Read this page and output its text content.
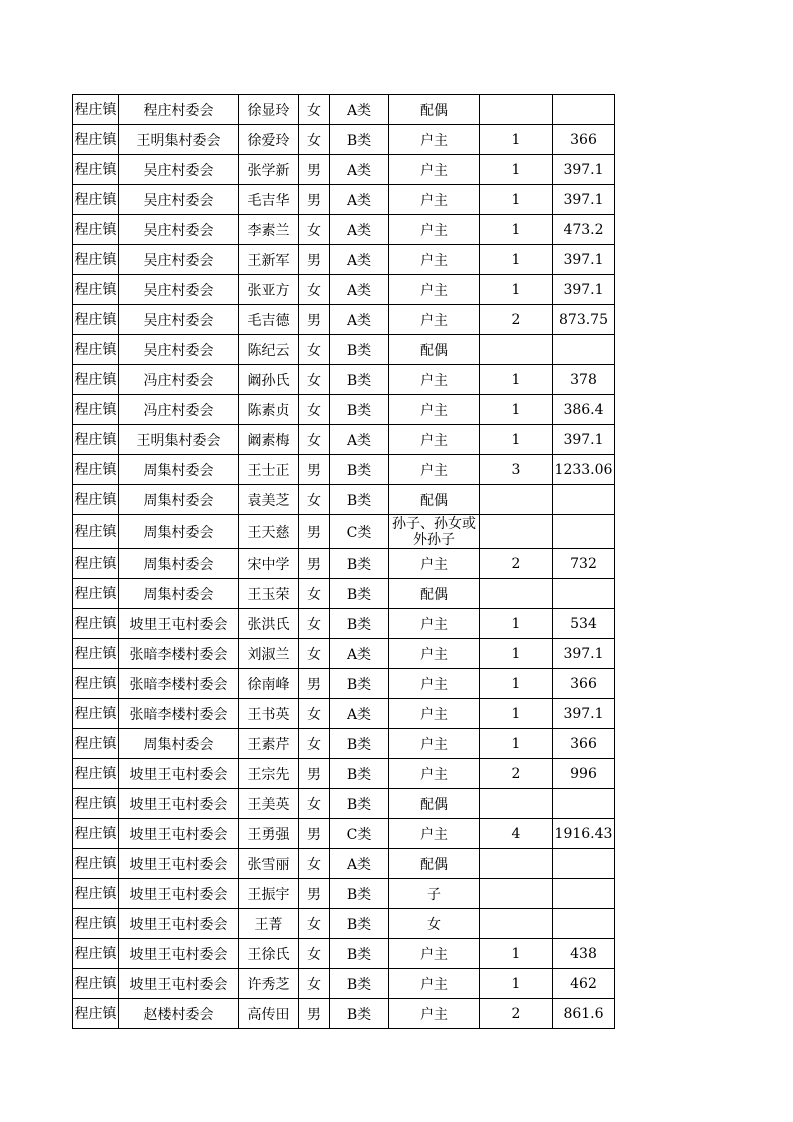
程庄镇	程庄村委会	徐显玲	女	A类	配偶		
程庄镇	王明集村委会	徐爱玲	女	B类	户主	1	366
程庄镇	吴庄村委会	张学新	男	A类	户主	1	397.1
程庄镇	吴庄村委会	毛吉华	男	A类	户主	1	397.1
程庄镇	吴庄村委会	李素兰	女	A类	户主	1	473.2
程庄镇	吴庄村委会	王新军	男	A类	户主	1	397.1
程庄镇	吴庄村委会	张亚方	女	A类	户主	1	397.1
程庄镇	吴庄村委会	毛吉德	男	A类	户主	2	873.75
程庄镇	吴庄村委会	陈纪云	女	B类	配偶		
程庄镇	冯庄村委会	阚孙氏	女	B类	户主	1	378
程庄镇	冯庄村委会	陈素贞	女	B类	户主	1	386.4
程庄镇	王明集村委会	阚素梅	女	A类	户主	1	397.1
程庄镇	周集村委会	王士正	男	B类	户主	3	1233.06
程庄镇	周集村委会	袁美芝	女	B类	配偶		
程庄镇	周集村委会	王天慈	男	C类	孙子、孙女或外孙子		
程庄镇	周集村委会	宋中学	男	B类	户主	2	732
程庄镇	周集村委会	王玉荣	女	B类	配偶		
程庄镇	坡里王屯村委会	张洪氏	女	B类	户主	1	534
程庄镇	张暗李楼村委会	刘淑兰	女	A类	户主	1	397.1
程庄镇	张暗李楼村委会	徐南峰	男	B类	户主	1	366
程庄镇	张暗李楼村委会	王书英	女	A类	户主	1	397.1
程庄镇	周集村委会	王素芹	女	B类	户主	1	366
程庄镇	坡里王屯村委会	王宗先	男	B类	户主	2	996
程庄镇	坡里王屯村委会	王美英	女	B类	配偶		
程庄镇	坡里王屯村委会	王勇强	男	C类	户主	4	1916.43
程庄镇	坡里王屯村委会	张雪丽	女	A类	配偶		
程庄镇	坡里王屯村委会	王振宇	男	B类	子		
程庄镇	坡里王屯村委会	王菁	女	B类	女		
程庄镇	坡里王屯村委会	王徐氏	女	B类	户主	1	438
程庄镇	坡里王屯村委会	许秀芝	女	B类	户主	1	462
程庄镇	赵楼村委会	高传田	男	B类	户主	2	861.6
